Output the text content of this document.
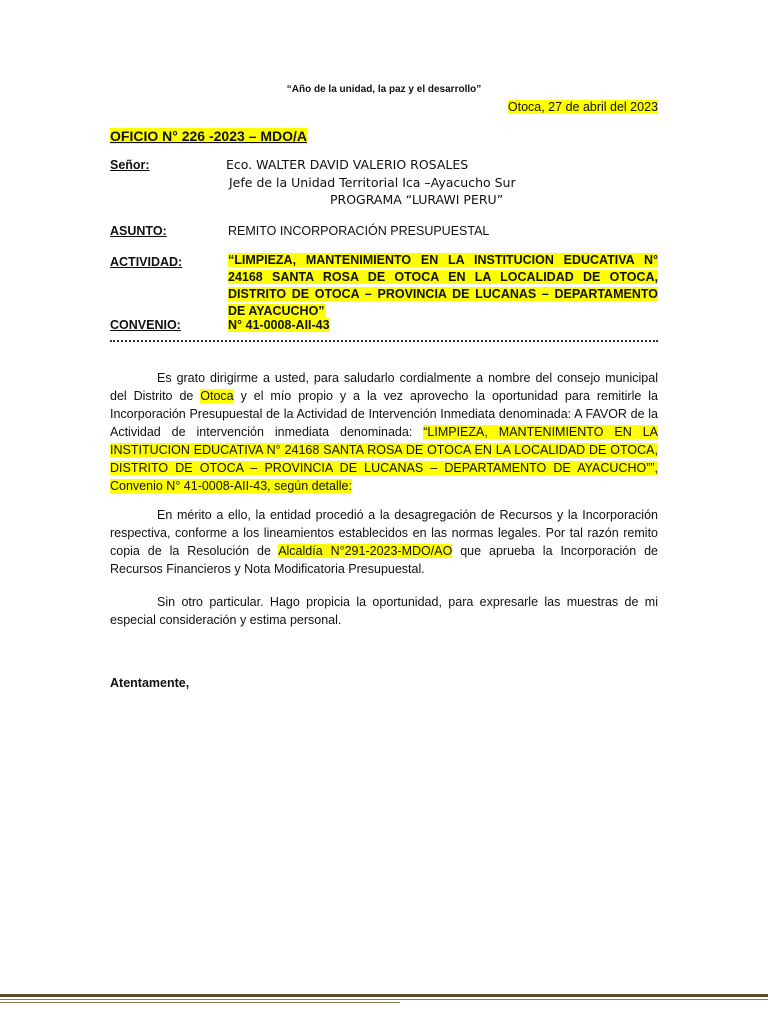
“Año de la unidad, la paz y el desarrollo”
Otoca, 27 de abril del 2023
OFICIO N° 226 -2023 – MDO/A
Señor:	Eco. WALTER DAVID VALERIO ROSALES
Jefe de la Unidad Territorial Ica –Ayacucho Sur
PROGRAMA “LURAWI PERU”
ASUNTO:	REMITO INCORPORACIÓN PRESUPUESTAL
ACTIVIDAD:	“LIMPIEZA, MANTENIMIENTO EN LA INSTITUCION EDUCATIVA N° 24168 SANTA ROSA DE OTOCA EN LA LOCALIDAD DE OTOCA, DISTRITO DE OTOCA – PROVINCIA DE LUCANAS – DEPARTAMENTO DE AYACUCHO”
CONVENIO:	N° 41-0008-AII-43
Es grato dirigirme a usted, para saludarlo cordialmente a nombre del consejo municipal del Distrito de Otoca y el mío propio y a la vez aprovecho la oportunidad para remitirle la Incorporación Presupuestal de la Actividad de Intervención Inmediata denominada: A FAVOR de la Actividad de intervención inmediata denominada: “LIMPIEZA, MANTENIMIENTO EN LA INSTITUCION EDUCATIVA N° 24168 SANTA ROSA DE OTOCA EN LA LOCALIDAD DE OTOCA, DISTRITO DE OTOCA – PROVINCIA DE LUCANAS – DEPARTAMENTO DE AYACUCHO””, Convenio N° 41-0008-AII-43, según detalle:
En mérito a ello, la entidad procedió a la desagregación de Recursos y la Incorporación respectiva, conforme a los lineamientos establecidos en las normas legales. Por tal razón remito copia de la Resolución de Alcaldía N°291-2023-MDO/AO que aprueba la Incorporación de Recursos Financieros y Nota Modificatoria Presupuestal.
Sin otro particular. Hago propicia la oportunidad, para expresarle las muestras de mi especial consideración y estima personal.
Atentamente,
